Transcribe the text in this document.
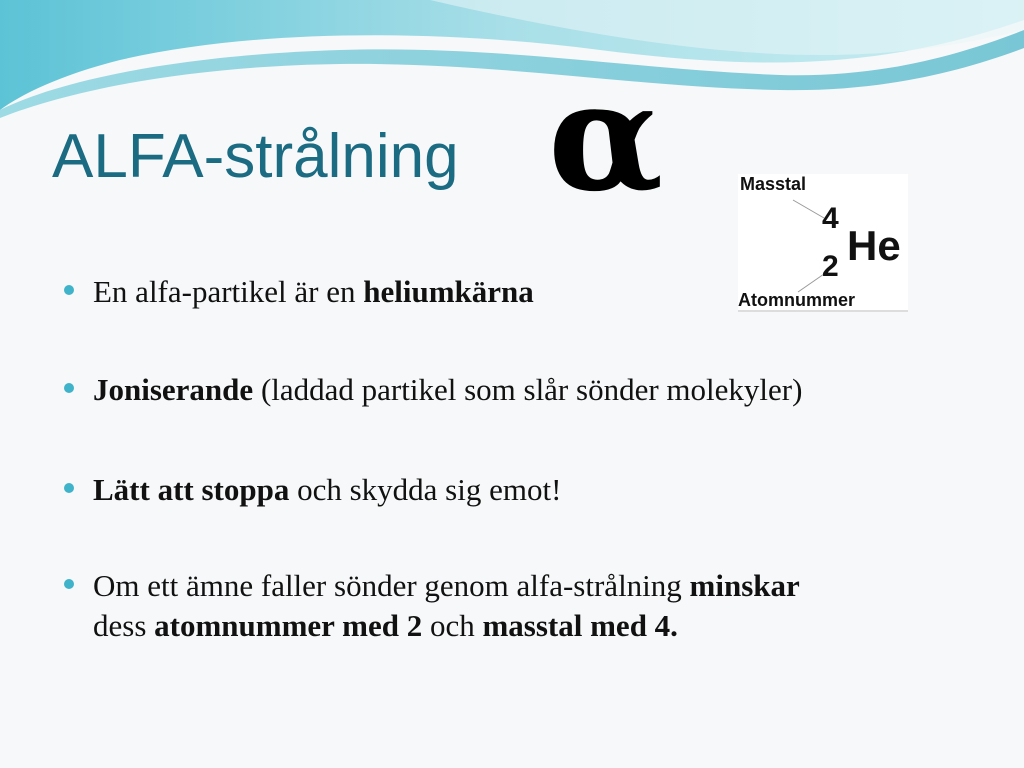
ALFA-strålning α	Masstal
4
He
2
Atomnummer
En alfa-partikel är en heliumkärna
Joniserande (laddad partikel som slår sönder molekyler)
Lätt att stoppa och skydda sig emot!
Om ett ämne faller sönder genom alfa-strålning minskar
dess atomnummer med 2 och masstal med 4.
